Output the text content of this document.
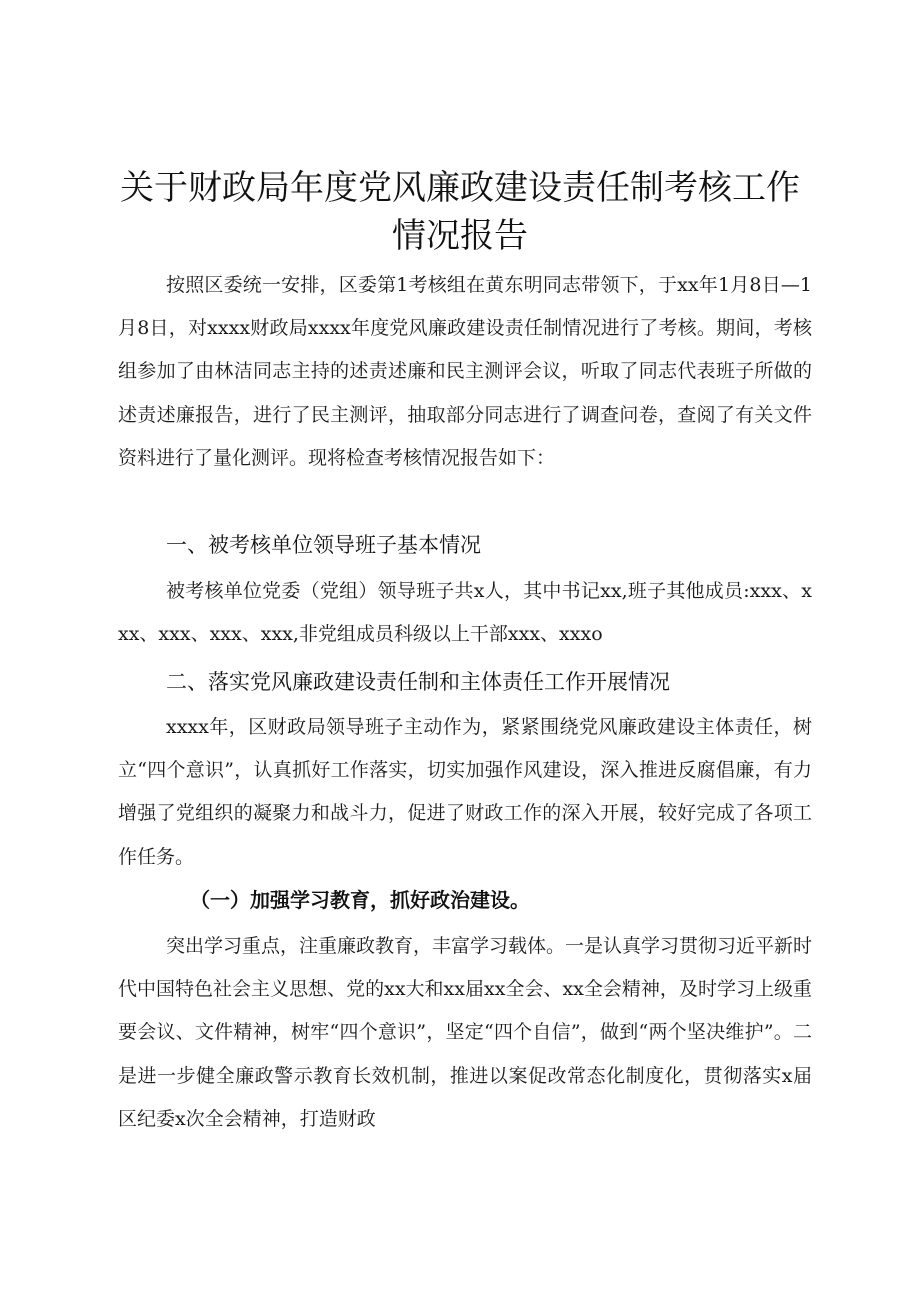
关于财政局年度党风廉政建设责任制考核工作
情况报告
按照区委统一安排，区委第1考核组在黄东明同志带领下，于xx年1月8日—1月8日，对xxxx财政局xxxx年度党风廉政建设责任制情况进行了考核。期间，考核组参加了由林洁同志主持的述责述廉和民主测评会议，听取了同志代表班子所做的述责述廉报告，进行了民主测评，抽取部分同志进行了调查问卷，查阅了有关文件资料进行了量化测评。现将检查考核情况报告如下：
一、被考核单位领导班子基本情况
被考核单位党委（党组）领导班子共x人，其中书记xx,班子其他成员:xxx、xxx、xxx、xxx、xxx,非党组成员科级以上干部xxx、xxxo
二、落实党风廉政建设责任制和主体责任工作开展情况
xxxx年，区财政局领导班子主动作为，紧紧围绕党风廉政建设主体责任，树立“四个意识”，认真抓好工作落实，切实加强作风建设，深入推进反腐倡廉，有力增强了党组织的凝聚力和战斗力，促进了财政工作的深入开展，较好完成了各项工作任务。
（一）加强学习教育，抓好政治建设。
突出学习重点，注重廉政教育，丰富学习载体。一是认真学习贯彻习近平新时代中国特色社会主义思想、党的xx大和xx届xx全会、xx全会精神，及时学习上级重要会议、文件精神，树牢“四个意识”，坚定“四个自信”，做到“两个坚决维护”。二是进一步健全廉政警示教育长效机制，推进以案促改常态化制度化，贯彻落实x届区纪委x次全会精神，打造财政
